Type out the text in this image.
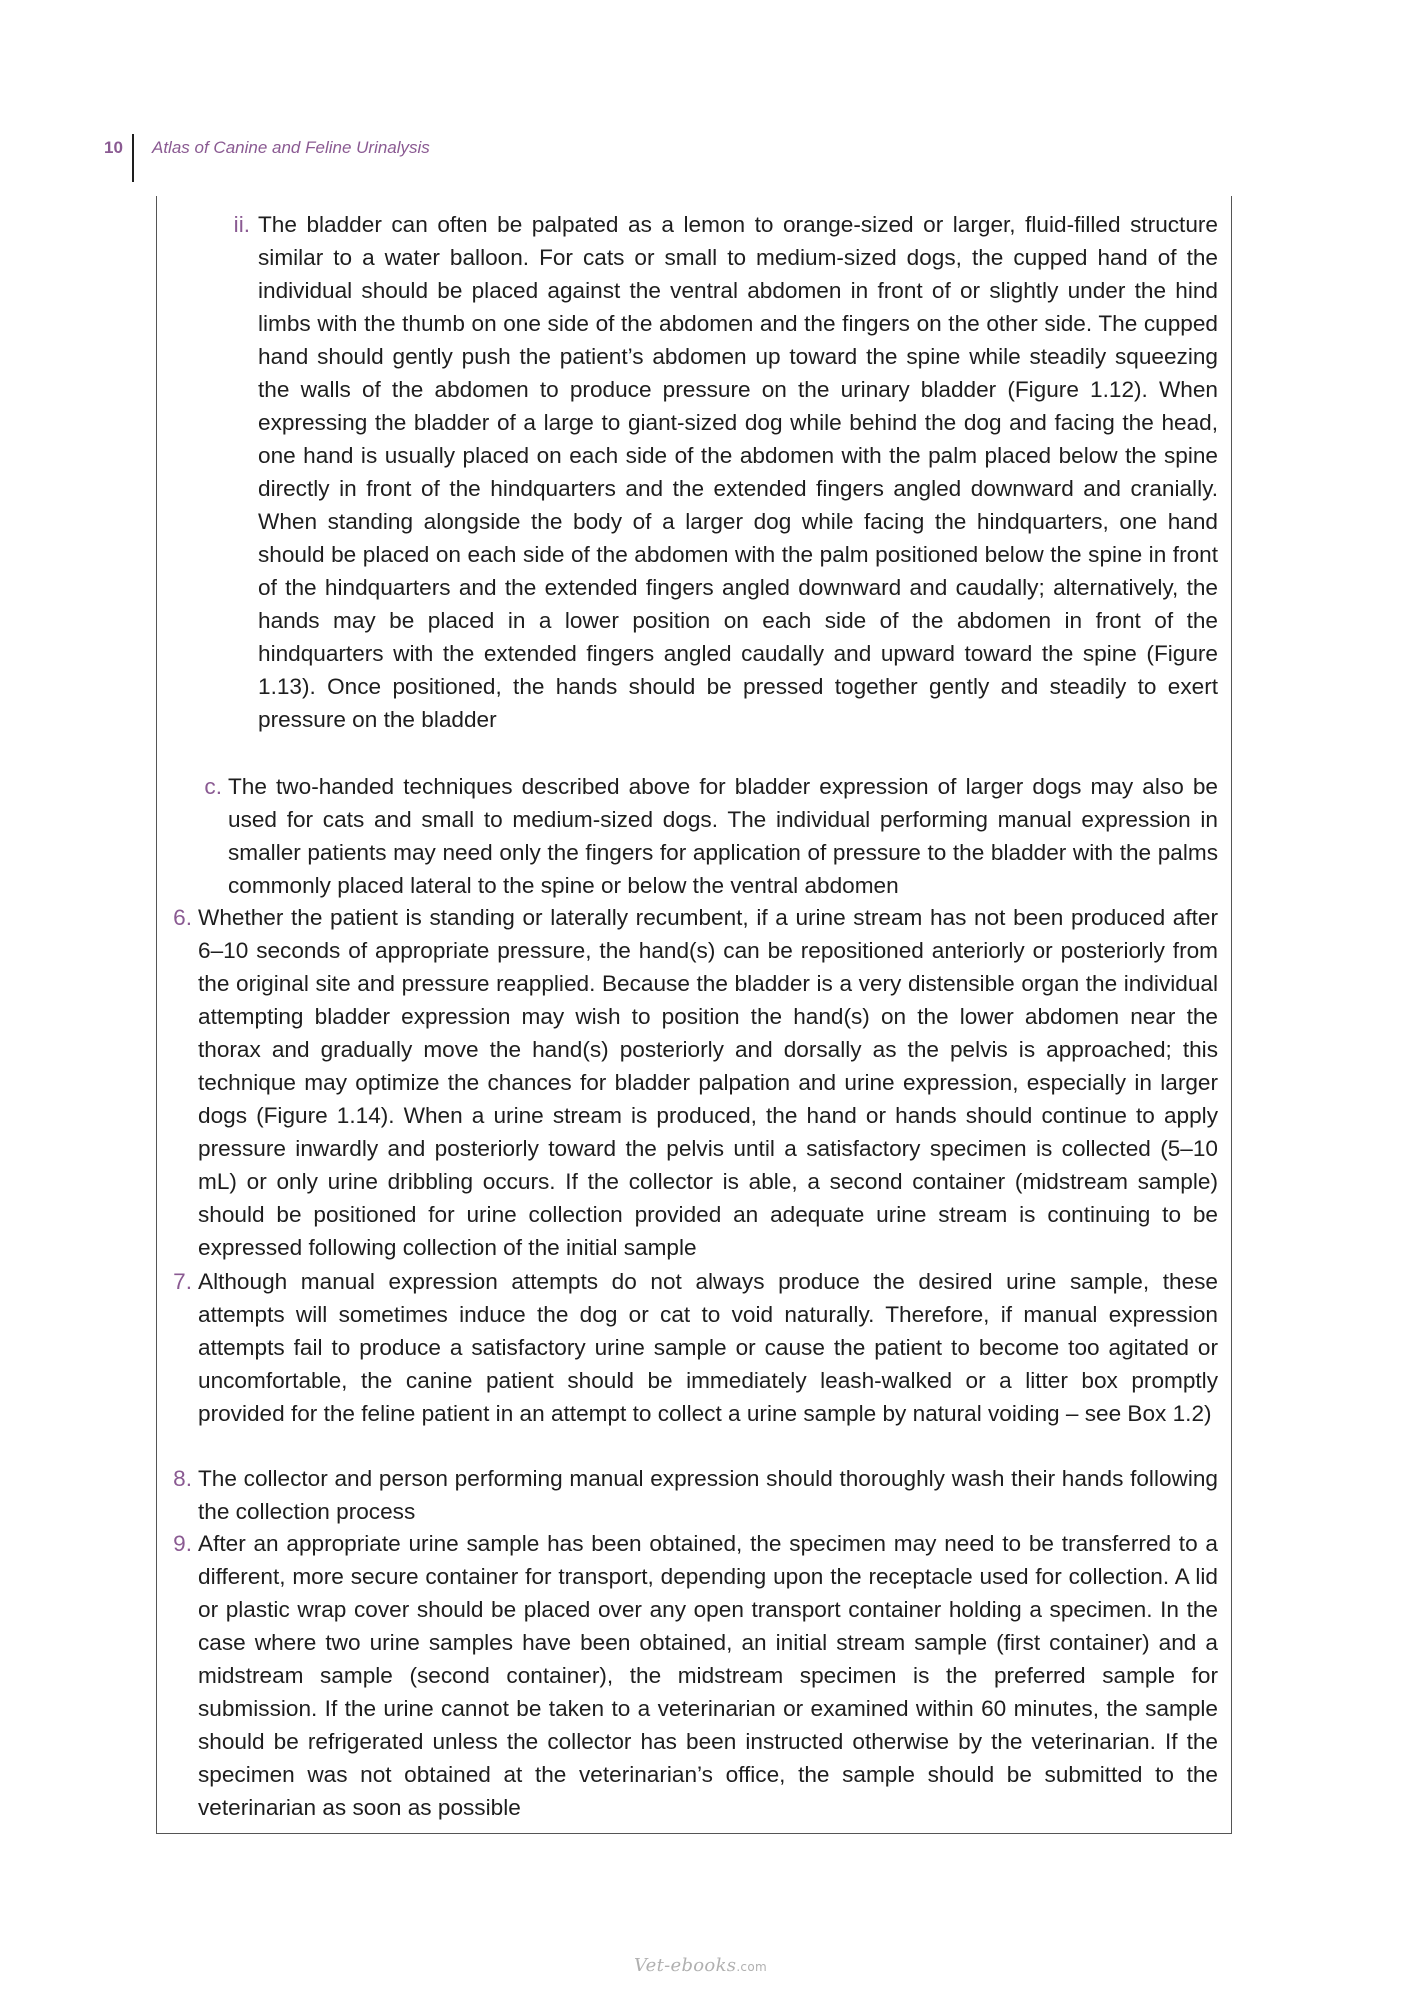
10 Atlas of Canine and Feline Urinalysis
ii. The bladder can often be palpated as a lemon to orange-sized or larger, fluid-filled structure similar to a water balloon. For cats or small to medium-sized dogs, the cupped hand of the individual should be placed against the ventral abdomen in front of or slightly under the hind limbs with the thumb on one side of the abdomen and the fingers on the other side. The cupped hand should gently push the patient’s abdomen up toward the spine while steadily squeezing the walls of the abdomen to produce pressure on the urinary bladder (Figure 1.12). When expressing the bladder of a large to giant-sized dog while behind the dog and facing the head, one hand is usually placed on each side of the abdomen with the palm placed below the spine directly in front of the hindquarters and the extended fingers angled downward and cranially. When standing alongside the body of a larger dog while facing the hindquarters, one hand should be placed on each side of the abdomen with the palm positioned below the spine in front of the hindquarters and the extended fingers angled downward and caudally; alternatively, the hands may be placed in a lower position on each side of the abdomen in front of the hindquarters with the extended fingers angled caudally and upward toward the spine (Figure 1.13). Once positioned, the hands should be pressed together gently and steadily to exert pressure on the bladder
c. The two-handed techniques described above for bladder expression of larger dogs may also be used for cats and small to medium-sized dogs. The individual performing manual expression in smaller patients may need only the fingers for application of pressure to the bladder with the palms commonly placed lateral to the spine or below the ventral abdomen
6. Whether the patient is standing or laterally recumbent, if a urine stream has not been produced after 6–10 seconds of appropriate pressure, the hand(s) can be repositioned anteriorly or posteriorly from the original site and pressure reapplied. Because the bladder is a very distensible organ the individual attempting bladder expression may wish to position the hand(s) on the lower abdomen near the thorax and gradually move the hand(s) posteriorly and dorsally as the pelvis is approached; this technique may optimize the chances for bladder palpation and urine expression, especially in larger dogs (Figure 1.14). When a urine stream is produced, the hand or hands should continue to apply pressure inwardly and posteriorly toward the pelvis until a satisfactory specimen is collected (5–10 mL) or only urine dribbling occurs. If the collector is able, a second container (midstream sample) should be positioned for urine collection provided an adequate urine stream is continuing to be expressed following collection of the initial sample
7. Although manual expression attempts do not always produce the desired urine sample, these attempts will sometimes induce the dog or cat to void naturally. Therefore, if manual expression attempts fail to produce a satisfactory urine sample or cause the patient to become too agitated or uncomfortable, the canine patient should be immediately leash-walked or a litter box promptly provided for the feline patient in an attempt to collect a urine sample by natural voiding – see Box 1.2)
8. The collector and person performing manual expression should thoroughly wash their hands following the collection process
9. After an appropriate urine sample has been obtained, the specimen may need to be transferred to a different, more secure container for transport, depending upon the receptacle used for collection. A lid or plastic wrap cover should be placed over any open transport container holding a specimen. In the case where two urine samples have been obtained, an initial stream sample (first container) and a midstream sample (second container), the midstream specimen is the preferred sample for submission. If the urine cannot be taken to a veterinarian or examined within 60 minutes, the sample should be refrigerated unless the collector has been instructed otherwise by the veterinarian. If the specimen was not obtained at the veterinarian’s office, the sample should be submitted to the veterinarian as soon as possible
Vet-ebooks.com
